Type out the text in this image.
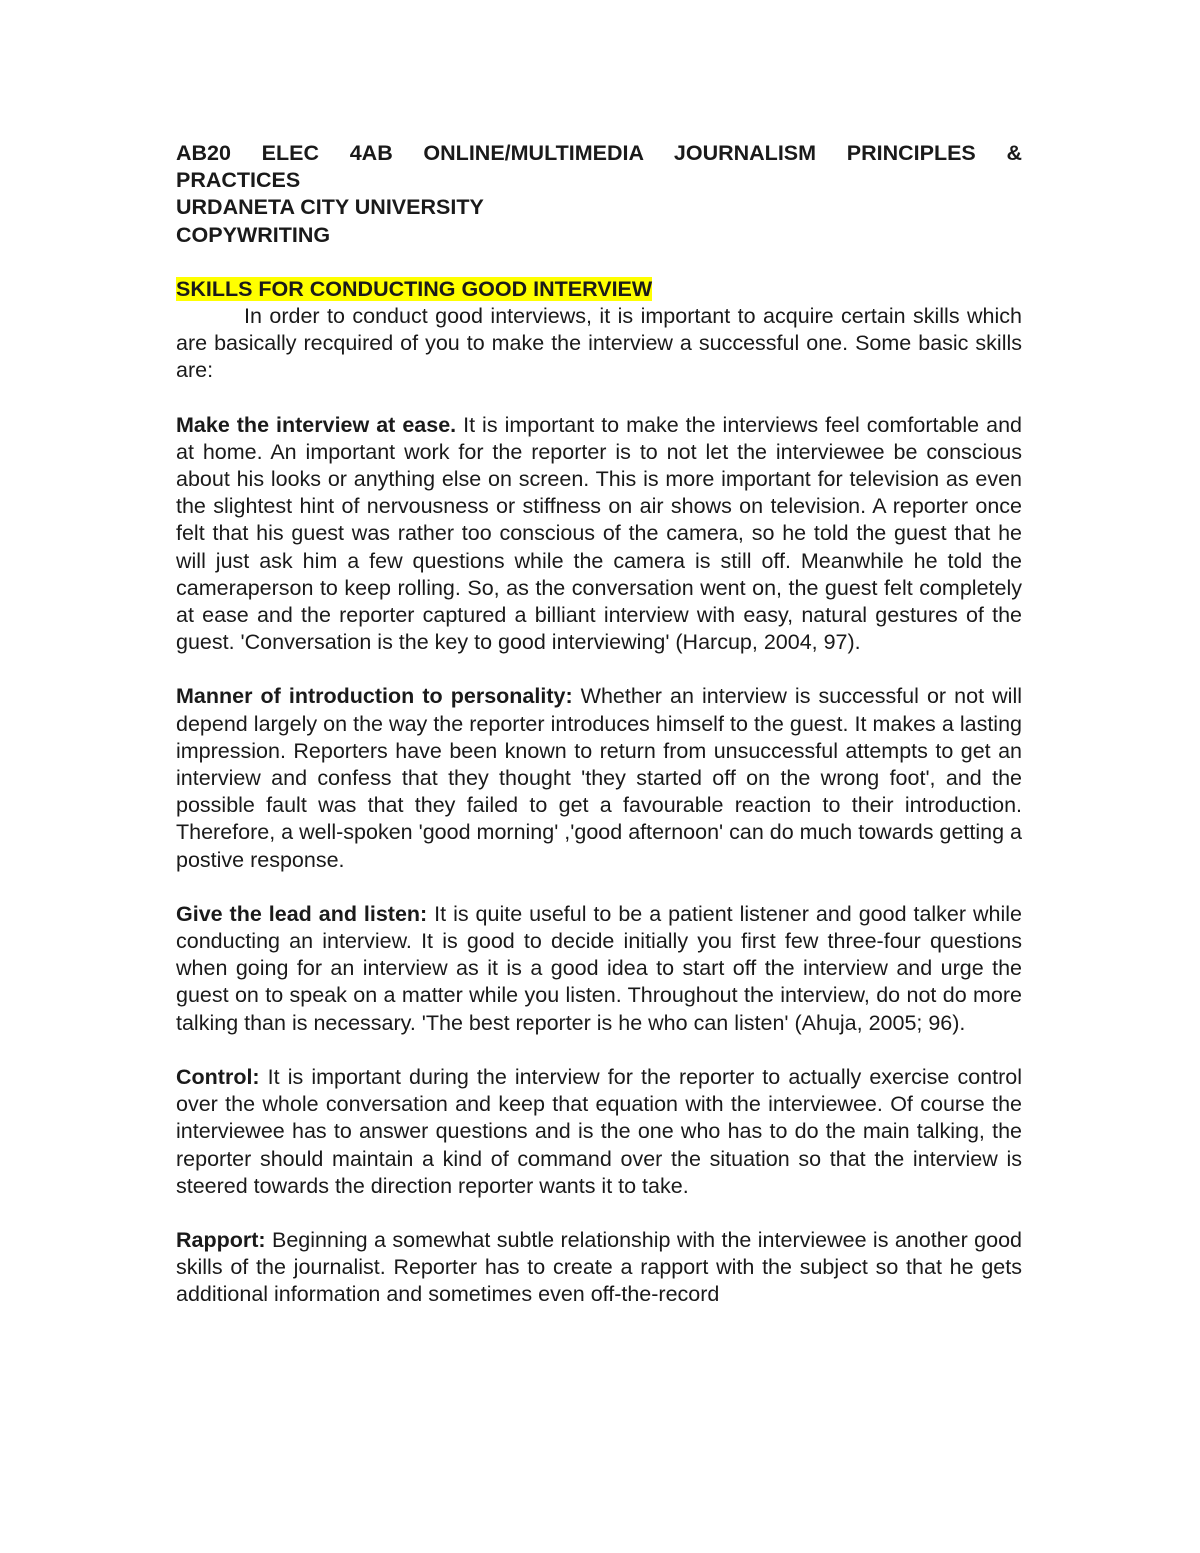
AB20 ELEC 4AB ONLINE/MULTIMEDIA JOURNALISM PRINCIPLES &
PRACTICES
URDANETA CITY UNIVERSITY
COPYWRITING
SKILLS FOR CONDUCTING GOOD INTERVIEW

In order to conduct good interviews, it is important to acquire certain skills which are basically recquired of you to make the interview a successful one. Some basic skills are:

Make the interview at ease. It is important to make the interviews feel comfortable and at home. An important work for the reporter is to not let the interviewee be conscious about his looks or anything else on screen. This is more important for television as even the slightest hint of nervousness or stiffness on air shows on television. A reporter once felt that his guest was rather too conscious of the camera, so he told the guest that he will just ask him a few questions while the camera is still off. Meanwhile he told the cameraperson to keep rolling. So, as the conversation went on, the guest felt completely at ease and the reporter captured a billiant interview with easy, natural gestures of the guest. 'Conversation is the key to good interviewing' (Harcup, 2004, 97).

Manner of introduction to personality: Whether an interview is successful or not will depend largely on the way the reporter introduces himself to the guest. It makes a lasting impression. Reporters have been known to return from unsuccessful attempts to get an interview and confess that they thought 'they started off on the wrong foot', and the possible fault was that they failed to get a favourable reaction to their introduction. Therefore, a well-spoken 'good morning' ,'good afternoon' can do much towards getting a postive response.

Give the lead and listen: It is quite useful to be a patient listener and good talker while conducting an interview. It is good to decide initially you first few three-four questions when going for an interview as it is a good idea to start off the interview and urge the guest on to speak on a matter while you listen. Throughout the interview, do not do more talking than is necessary. 'The best reporter is he who can listen' (Ahuja, 2005; 96).

Control: It is important during the interview for the reporter to actually exercise control over the whole conversation and keep that equation with the interviewee. Of course the interviewee has to answer questions and is the one who has to do the main talking, the reporter should maintain a kind of command over the situation so that the interview is steered towards the direction reporter wants it to take.

Rapport: Beginning a somewhat subtle relationship with the interviewee is another good skills of the journalist. Reporter has to create a rapport with the subject so that he gets additional information and sometimes even off-the-record
